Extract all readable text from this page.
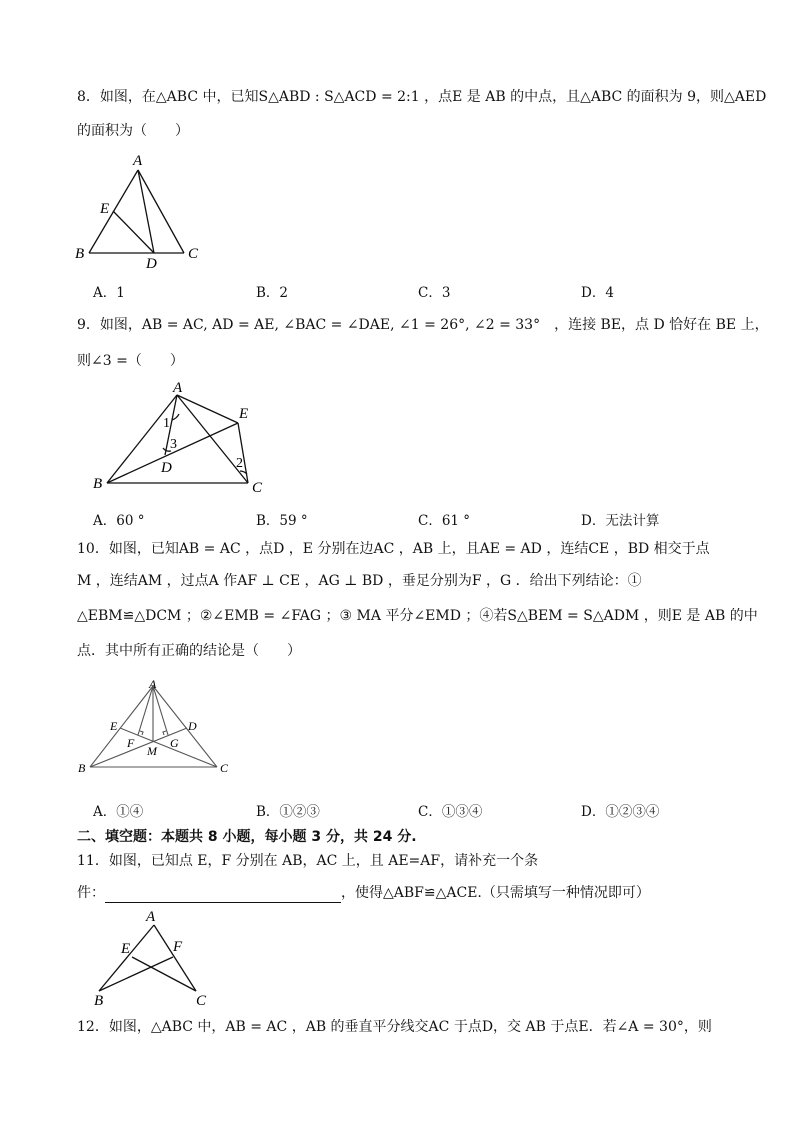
8．如图，在△ABC 中，已知S△ABD : S△ACD = 2:1 ，点E 是 AB 的中点，且△ABC 的面积为 9，则△AED
的面积为（　　）
A
E
B
D
C
A．1	B．2	C．3	D．4
9．如图，AB = AC, AD = AE, ∠BAC = ∠DAE, ∠1 = 26°, ∠2 = 33°　，连接 BE，点 D 恰好在 BE 上，
则∠3 =（　　）
A
E
B	C
D
1
3
2
A．60 °	B．59 °	C．61 °	D．无法计算
10．如图，已知AB = AC ，点D ，E 分别在边AC ，AB 上，且AE = AD ，连结CE ，BD 相交于点
M ，连结AM ，过点A 作AF ⊥ CE ，AG ⊥ BD ，垂足分别为F ，G ．给出下列结论：①
△EBM≌△DCM ；②∠EMB = ∠FAG ；③ MA 平分∠EMD ；④若S△BEM = S△ADM ，则E 是 AB 的中
点．其中所有正确的结论是（　　）
A
E	D
F	G
M
B	C
A．①④	B．①②③	C．①③④	D．①②③④
二、填空题：本题共 8 小题，每小题 3 分，共 24 分.
11．如图，已知点 E，F 分别在 AB，AC 上，且 AE=AF，请补充一个条
件：	，使得△ABF≌△ACE.（只需填写一种情况即可）
A
E	F
B	C
12．如图，△ABC 中，AB = AC ，AB 的垂直平分线交AC 于点D，交 AB 于点E．若∠A = 30°，则
